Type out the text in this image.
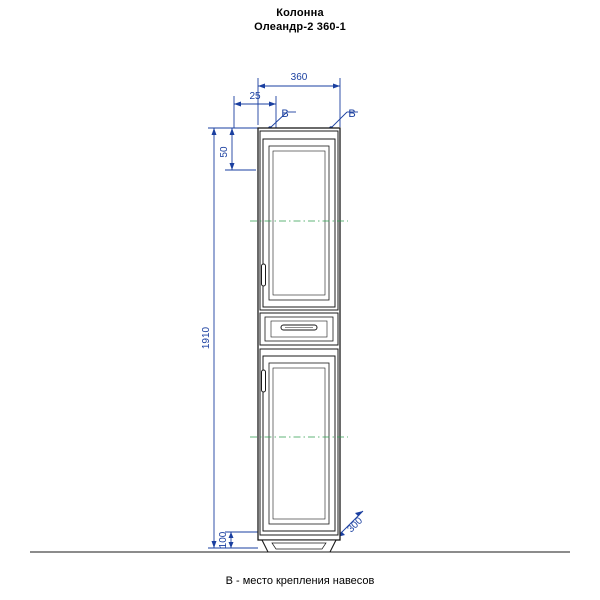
Колонна
Олеандр-2 360-1
360
25
50
1910
100
300
В	В
В - место крепления навесов
